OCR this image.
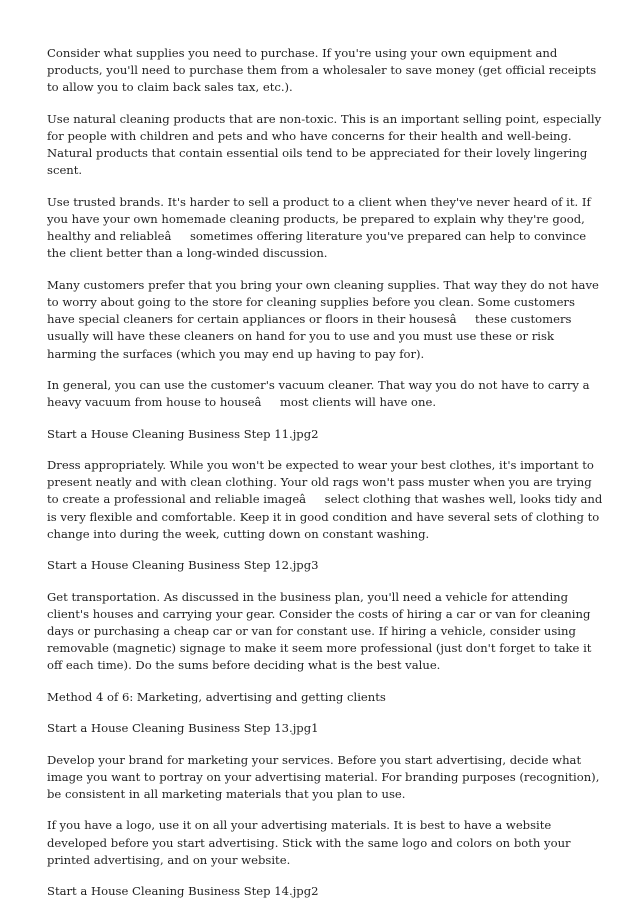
Consider what supplies you need to purchase. If you're using your own equipment and products, you'll need to purchase them from a wholesaler to save money (get official receipts to allow you to claim back sales tax, etc.).

Use natural cleaning products that are non-toxic. This is an important selling point, especially for people with children and pets and who have concerns for their health and well-being. Natural products that contain essential oils tend to be appreciated for their lovely lingering scent.

Use trusted brands. It's harder to sell a product to a client when they've never heard of it. If you have your own homemade cleaning products, be prepared to explain why they're good, healthy and reliableâsometimes offering literature you've prepared can help to convince the client better than a long-winded discussion.

Many customers prefer that you bring your own cleaning supplies. That way they do not have to worry about going to the store for cleaning supplies before you clean. Some customers have special cleaners for certain appliances or floors in their housesâthese customers usually will have these cleaners on hand for you to use and you must use these or risk harming the surfaces (which you may end up having to pay for).

In general, you can use the customer's vacuum cleaner. That way you do not have to carry a heavy vacuum from house to houseâmost clients will have one.

Start a House Cleaning Business Step 11.jpg2

Dress appropriately. While you won't be expected to wear your best clothes, it's important to present neatly and with clean clothing. Your old rags won't pass muster when you are trying to create a professional and reliable imageâselect clothing that washes well, looks tidy and is very flexible and comfortable. Keep it in good condition and have several sets of clothing to change into during the week, cutting down on constant washing.

Start a House Cleaning Business Step 12.jpg3

Get transportation. As discussed in the business plan, you'll need a vehicle for attending client's houses and carrying your gear. Consider the costs of hiring a car or van for cleaning days or purchasing a cheap car or van for constant use. If hiring a vehicle, consider using removable (magnetic) signage to make it seem more professional (just don't forget to take it off each time). Do the sums before deciding what is the best value.

Method 4 of 6: Marketing, advertising and getting clients

Start a House Cleaning Business Step 13.jpg1

Develop your brand for marketing your services. Before you start advertising, decide what image you want to portray on your advertising material. For branding purposes (recognition), be consistent in all marketing materials that you plan to use.

If you have a logo, use it on all your advertising materials. It is best to have a website developed before you start advertising. Stick with the same logo and colors on both your printed advertising, and on your website.

Start a House Cleaning Business Step 14.jpg2
